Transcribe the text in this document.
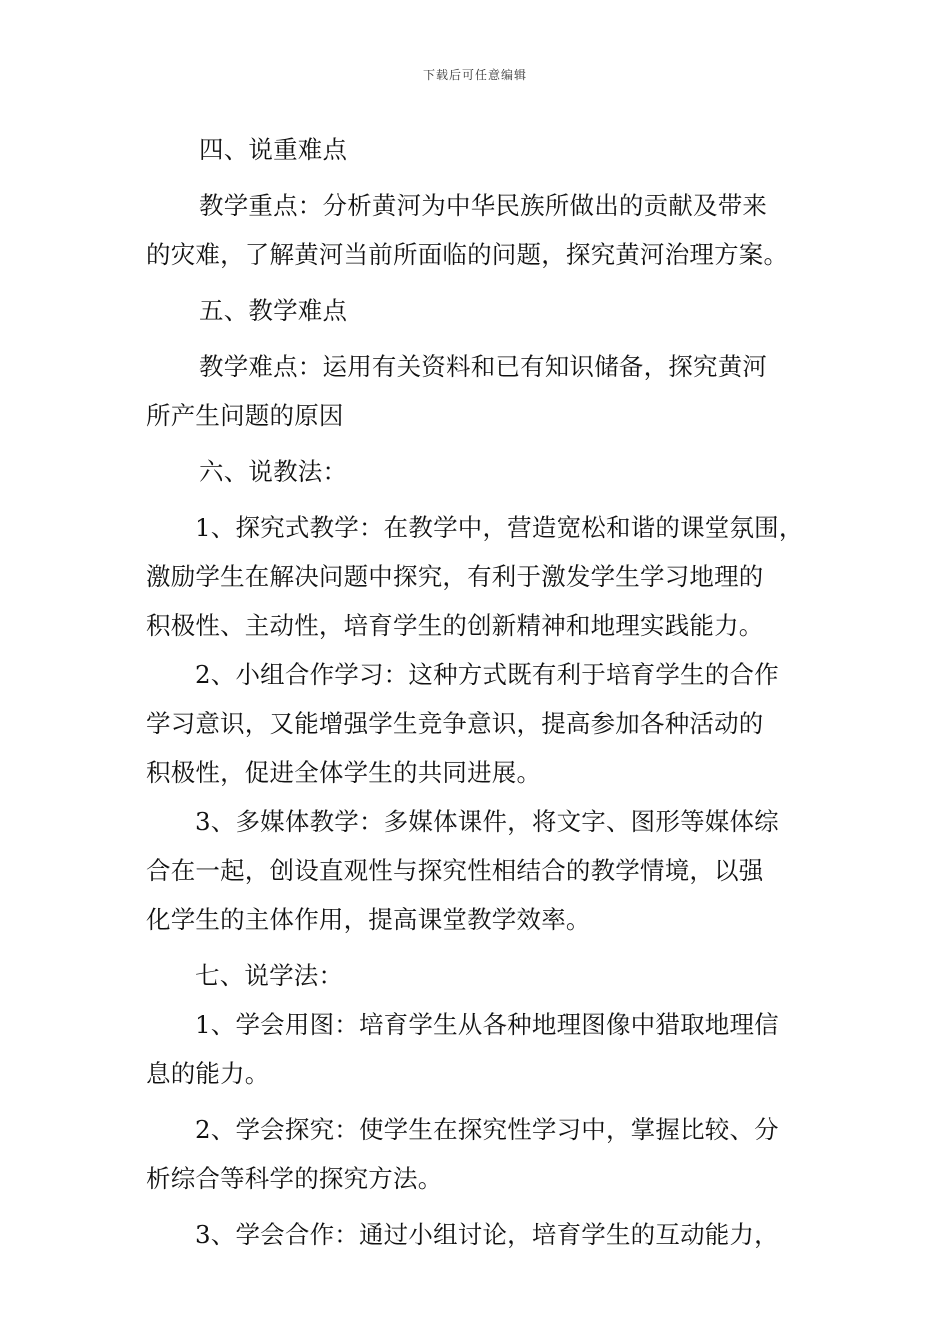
下载后可任意编辑
四、说重难点
教学重点：分析黄河为中华民族所做出的贡献及带来
的灾难，了解黄河当前所面临的问题，探究黄河治理方案。
五、教学难点
教学难点：运用有关资料和已有知识储备，探究黄河
所产生问题的原因
六、说教法：
1、探究式教学：在教学中，营造宽松和谐的课堂氛围，
激励学生在解决问题中探究，有利于激发学生学习地理的
积极性、主动性，培育学生的创新精神和地理实践能力。
2、小组合作学习：这种方式既有利于培育学生的合作
学习意识，又能增强学生竞争意识，提高参加各种活动的
积极性，促进全体学生的共同进展。
3、多媒体教学：多媒体课件，将文字、图形等媒体综
合在一起，创设直观性与探究性相结合的教学情境，以强
化学生的主体作用，提高课堂教学效率。
七、说学法：
1、学会用图：培育学生从各种地理图像中猎取地理信
息的能力。
2、学会探究：使学生在探究性学习中，掌握比较、分
析综合等科学的探究方法。
3、学会合作：通过小组讨论，培育学生的互动能力，
